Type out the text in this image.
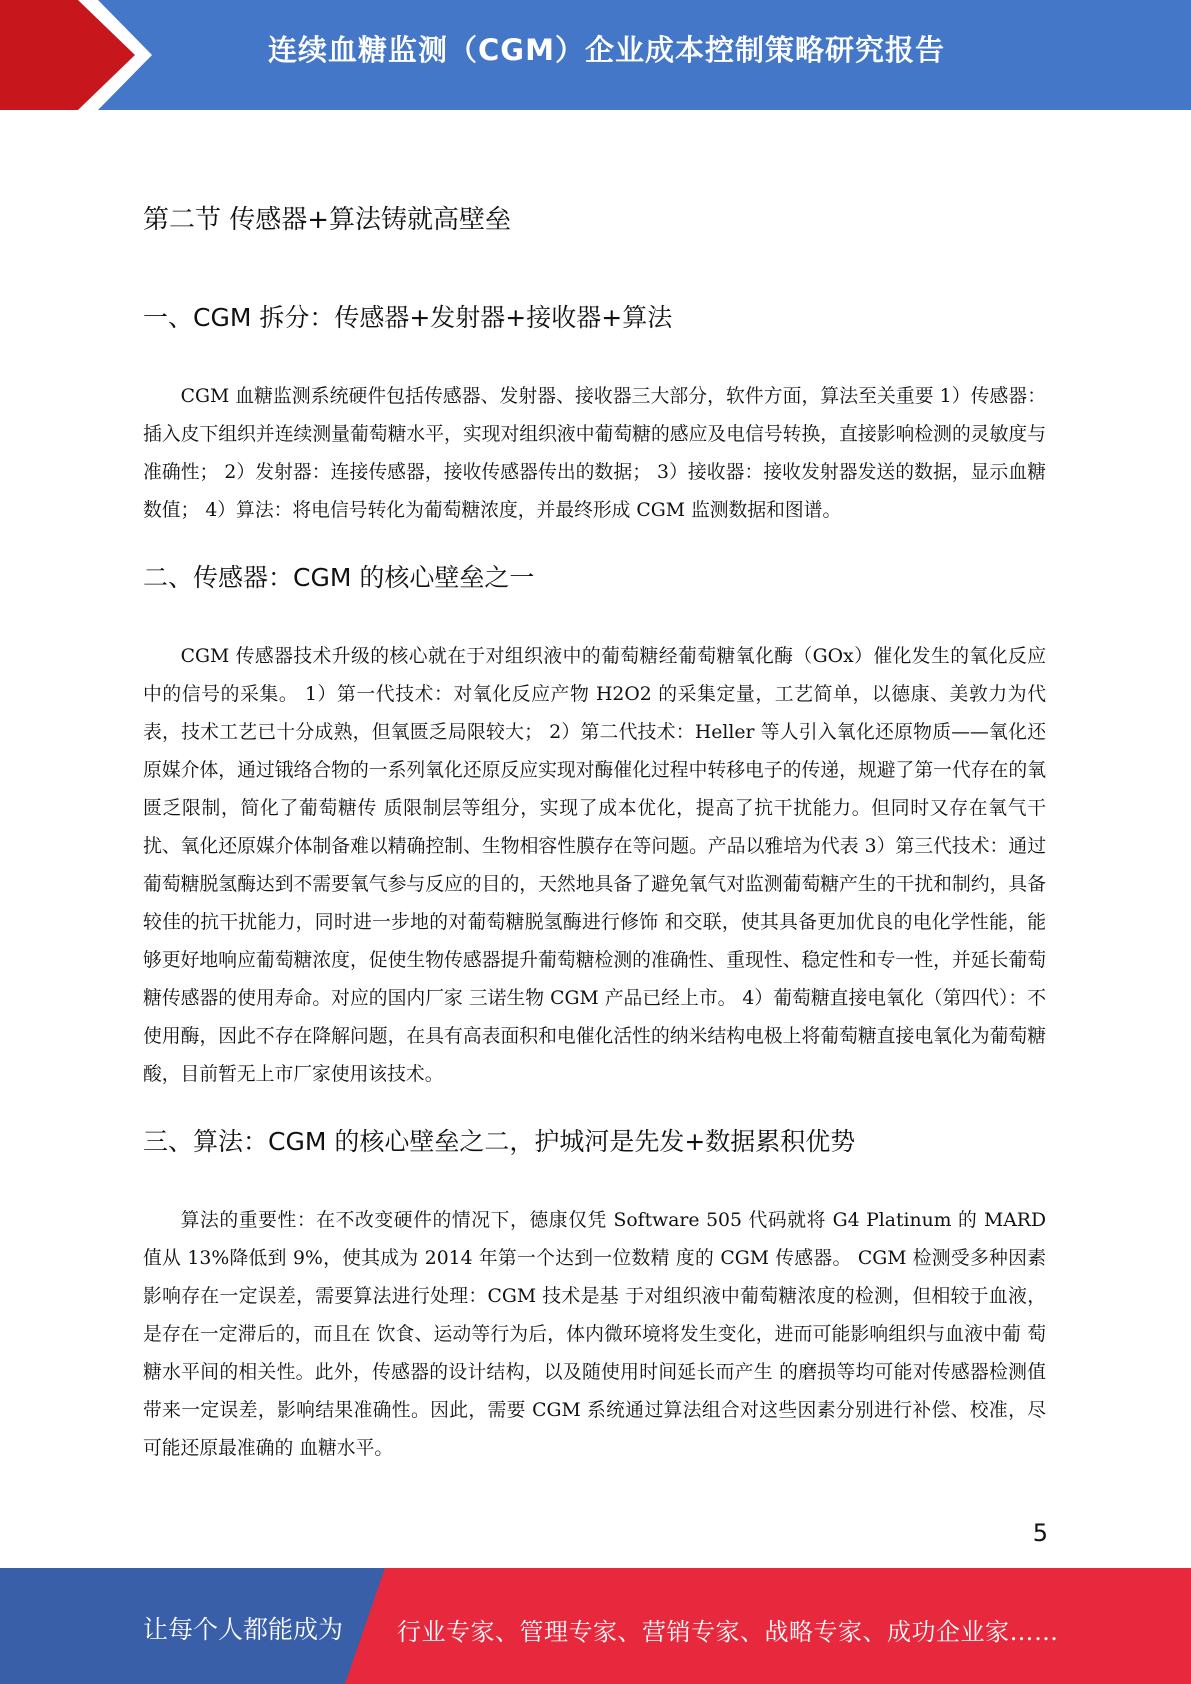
连续血糖监测（CGM）企业成本控制策略研究报告
第二节 传感器+算法铸就高壁垒
一、CGM 拆分：传感器+发射器+接收器+算法

CGM 血糖监测系统硬件包括传感器、发射器、接收器三大部分，软件方面，算法至关重要 1）传感器：插入皮下组织并连续测量葡萄糖水平，实现对组织液中葡萄糖的感应及电信号转换，直接影响检测的灵敏度与准确性； 2）发射器：连接传感器，接收传感器传出的数据； 3）接收器：接收发射器发送的数据，显示血糖数值； 4）算法：将电信号转化为葡萄糖浓度，并最终形成 CGM 监测数据和图谱。

二、传感器：CGM 的核心壁垒之一

CGM 传感器技术升级的核心就在于对组织液中的葡萄糖经葡萄糖氧化酶（GOx）催化发生的氧化反应中的信号的采集。 1）第一代技术：对氧化反应产物 H2O2 的采集定量，工艺简单，以德康、美敦力为代表，技术工艺已十分成熟，但氧匮乏局限较大； 2）第二代技术：Heller 等人引入氧化还原物质——氧化还原媒介体，通过锇络合物的一系列氧化还原反应实现对酶催化过程中转移电子的传递，规避了第一代存在的氧匮乏限制，简化了葡萄糖传 质限制层等组分，实现了成本优化，提高了抗干扰能力。但同时又存在氧气干扰、氧化还原媒介体制备难以精确控制、生物相容性膜存在等问题。产品以雅培为代表 3）第三代技术：通过葡萄糖脱氢酶达到不需要氧气参与反应的目的，天然地具备了避免氧气对监测葡萄糖产生的干扰和制约，具备较佳的抗干扰能力，同时进一步地的对葡萄糖脱氢酶进行修饰 和交联，使其具备更加优良的电化学性能，能够更好地响应葡萄糖浓度，促使生物传感器提升葡萄糖检测的准确性、重现性、稳定性和专一性，并延长葡萄糖传感器的使用寿命。对应的国内厂家 三诺生物 CGM 产品已经上市。 4）葡萄糖直接电氧化（第四代）：不使用酶，因此不存在降解问题，在具有高表面积和电催化活性的纳米结构电极上将葡萄糖直接电氧化为葡萄糖酸，目前暂无上市厂家使用该技术。

三、算法：CGM 的核心壁垒之二，护城河是先发+数据累积优势

算法的重要性：在不改变硬件的情况下，德康仅凭 Software 505 代码就将 G4 Platinum 的 MARD 值从 13%降低到 9%，使其成为 2014 年第一个达到一位数精 度的 CGM 传感器。 CGM 检测受多种因素影响存在一定误差，需要算法进行处理：CGM 技术是基 于对组织液中葡萄糖浓度的检测，但相较于血液，是存在一定滞后的，而且在 饮食、运动等行为后，体内微环境将发生变化，进而可能影响组织与血液中葡 萄糖水平间的相关性。此外，传感器的设计结构，以及随使用时间延长而产生 的磨损等均可能对传感器检测值带来一定误差，影响结果准确性。因此，需要 CGM 系统通过算法组合对这些因素分别进行补偿、校准，尽可能还原最准确的 血糖水平。

5
让每个人都能成为 行业专家、管理专家、营销专家、战略专家、成功企业家……
